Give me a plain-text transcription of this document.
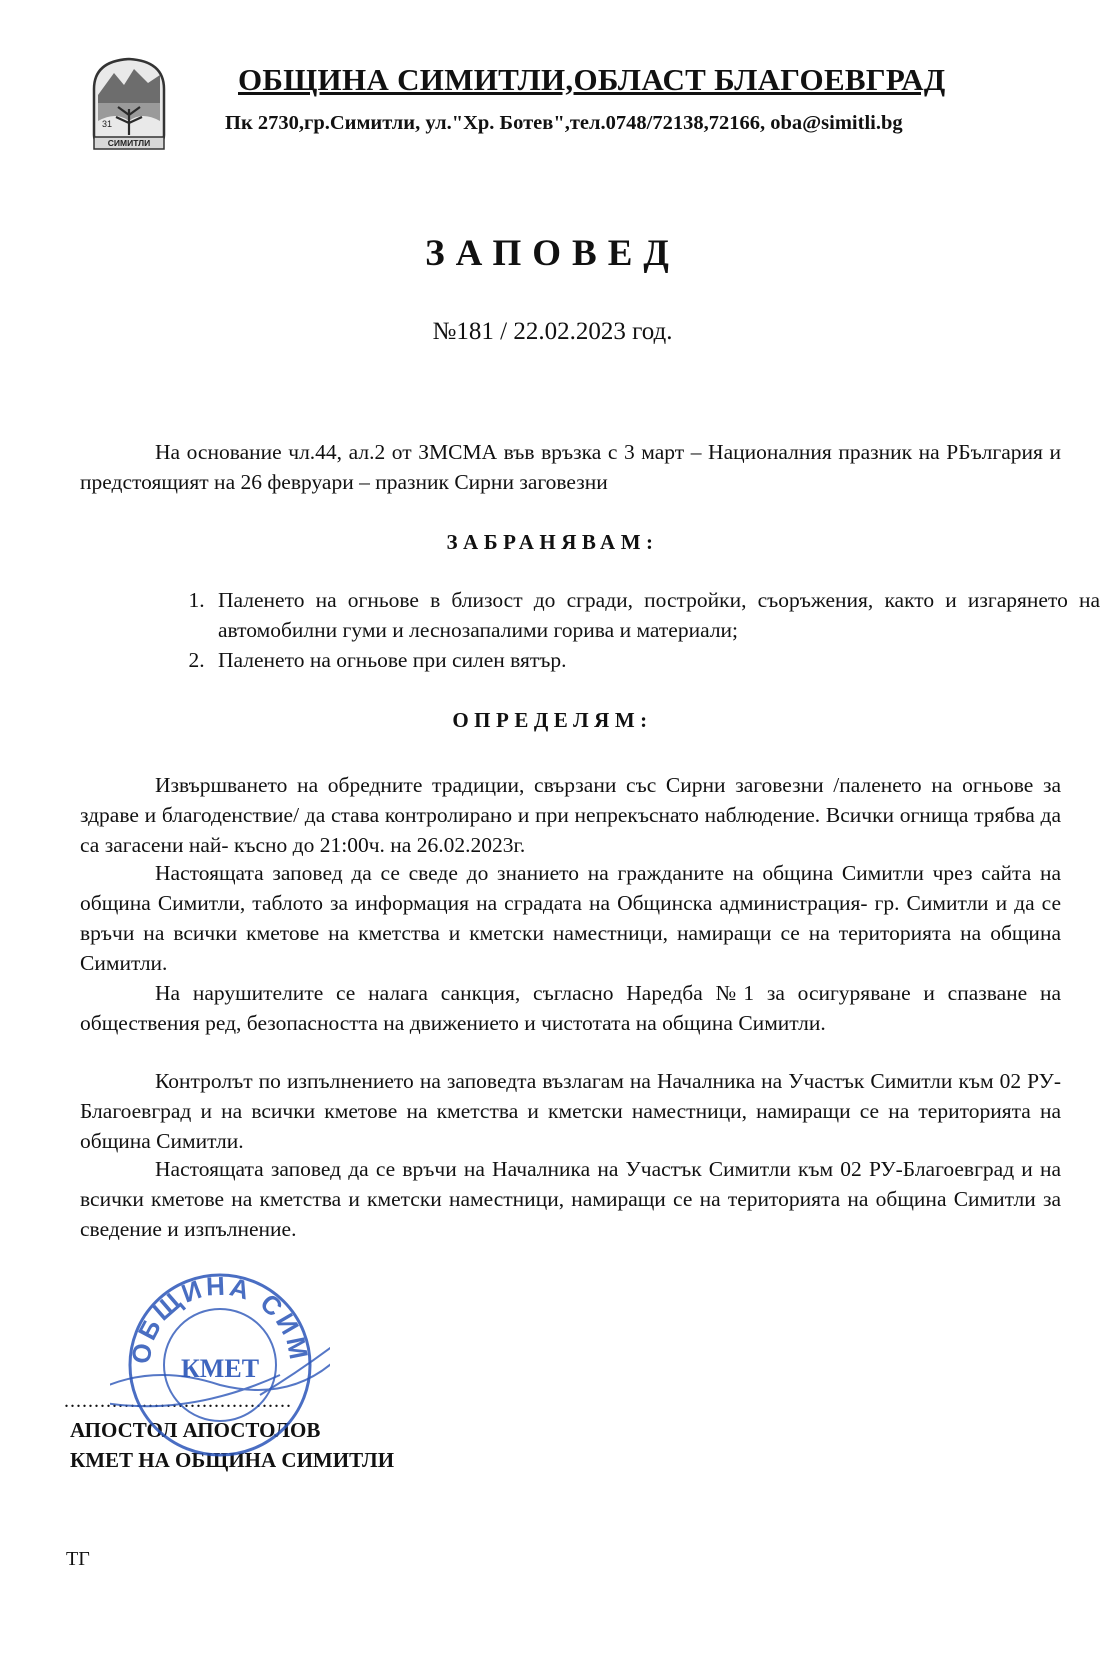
31
СИМИТЛИ
ОБЩИНА СИМИТЛИ,ОБЛАСТ БЛАГОЕВГРАД
Пк 2730,гр.Симитли, ул."Хр. Ботев",тел.0748/72138,72166, oba@simitli.bg
ЗАПОВЕД
№181 / 22.02.2023 год.
На основание чл.44, ал.2 от ЗМСМА във връзка с 3 март – Националния празник на РБългария и предстоящият на 26 февруари – празник Сирни заговезни
ЗАБРАНЯВАМ:
1. Паленето на огньове в близост до сгради, постройки, съоръжения, както и изгарянето на автомобилни гуми и леснозапалими горива и материали;
2. Паленето на огньове при силен вятър.
ОПРЕДЕЛЯМ:
Извършването на обредните традиции, свързани със Сирни заговезни /паленето на огньове за здраве и благоденствие/ да става контролирано и при непрекъснато наблюдение. Всички огнища трябва да са загасени най- късно до 21:00ч. на 26.02.2023г.
Настоящата заповед да се сведе до знанието на гражданите на община Симитли чрез сайта на община Симитли, таблото за информация на сградата на Общинска администрация- гр. Симитли и да се връчи на всички кметове на кметства и кметски наместници, намиращи се на територията на община Симитли.
На нарушителите се налага санкция, съгласно Наредба №1 за осигуряване и спазване на обществения ред, безопасността на движението и чистотата на община Симитли.
Контролът по изпълнението на заповедта възлагам на Началника на Участък Симитли към 02 РУ-Благоевград и на всички кметове на кметства и кметски наместници, намиращи се на територията на община Симитли.
Настоящата заповед да се връчи на Началника на Участък Симитли към 02 РУ-Благоевград и на всички кметове на кметства и кметски наместници, намиращи се на територията на община Симитли за сведение и изпълнение.
......................................
АПОСТОЛ АПОСТОЛОВ
КМЕТ НА ОБЩИНА СИМИТЛИ
ОБЩИНА СИМ
КМЕТ
ТГ
